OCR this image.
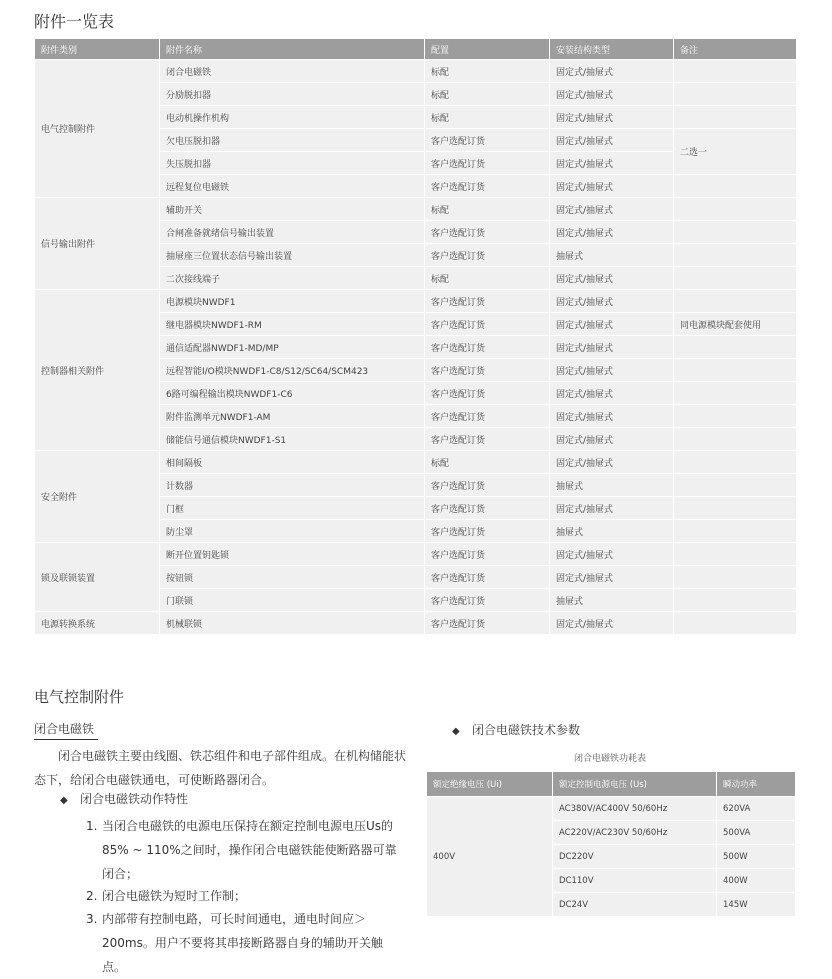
附件一览表
附件类别	附件名称	配置	安装结构类型	备注
电气控制附件	闭合电磁铁	标配	固定式/抽屉式	
	分励脱扣器	标配	固定式/抽屉式	
	电动机操作机构	标配	固定式/抽屉式	
	欠电压脱扣器	客户选配订货	固定式/抽屉式	二选一
	失压脱扣器	客户选配订货	固定式/抽屉式	
	远程复位电磁铁	客户选配订货	固定式/抽屉式	
信号输出附件	辅助开关	标配	固定式/抽屉式	
	合闸准备就绪信号输出装置	客户选配订货	固定式/抽屉式	
	抽屉座三位置状态信号输出装置	客户选配订货	抽屉式	
	二次接线端子	标配	固定式/抽屉式	
控制器相关附件	电源模块NWDF1	客户选配订货	固定式/抽屉式	
	继电器模块NWDF1-RM	客户选配订货	固定式/抽屉式	同电源模块配套使用
	通信适配器NWDF1-MD/MP	客户选配订货	固定式/抽屉式	
	远程智能I/O模块NWDF1-C8/S12/SC64/SCM423	客户选配订货	固定式/抽屉式	
	6路可编程输出模块NWDF1-C6	客户选配订货	固定式/抽屉式	
	附件监测单元NWDF1-AM	客户选配订货	固定式/抽屉式	
	储能信号通信模块NWDF1-S1	客户选配订货	固定式/抽屉式	
安全附件	相间隔板	标配	固定式/抽屉式	
	计数器	客户选配订货	抽屉式	
	门框	客户选配订货	固定式/抽屉式	
	防尘罩	客户选配订货	抽屉式	
锁及联锁装置	断开位置钥匙锁	客户选配订货	固定式/抽屉式	
	按钮锁	客户选配订货	固定式/抽屉式	
	门联锁	客户选配订货	抽屉式	
电源转换系统	机械联锁	客户选配订货	固定式/抽屉式	
电气控制附件
闭合电磁铁
闭合电磁铁主要由线圈、铁芯组件和电子部件组成。在机构储能状态下，给闭合电磁铁通电，可使断路器闭合。
◆ 闭合电磁铁动作特性
1. 当闭合电磁铁的电源电压保持在额定控制电源电压Us的85% ~ 110%之间时，操作闭合电磁铁能使断路器可靠闭合；
2. 闭合电磁铁为短时工作制；
3. 内部带有控制电路，可长时间通电，通电时间应＞200ms。用户不要将其串接断路器自身的辅助开关触点。
◆ 闭合电磁铁技术参数
闭合电磁铁功耗表
额定绝缘电压 (Ui)	额定控制电源电压 (Us)	瞬动功率
400V	AC380V/AC400V 50/60Hz	620VA
	AC220V/AC230V 50/60Hz	500VA
	DC220V	500W
	DC110V	400W
	DC24V	145W
